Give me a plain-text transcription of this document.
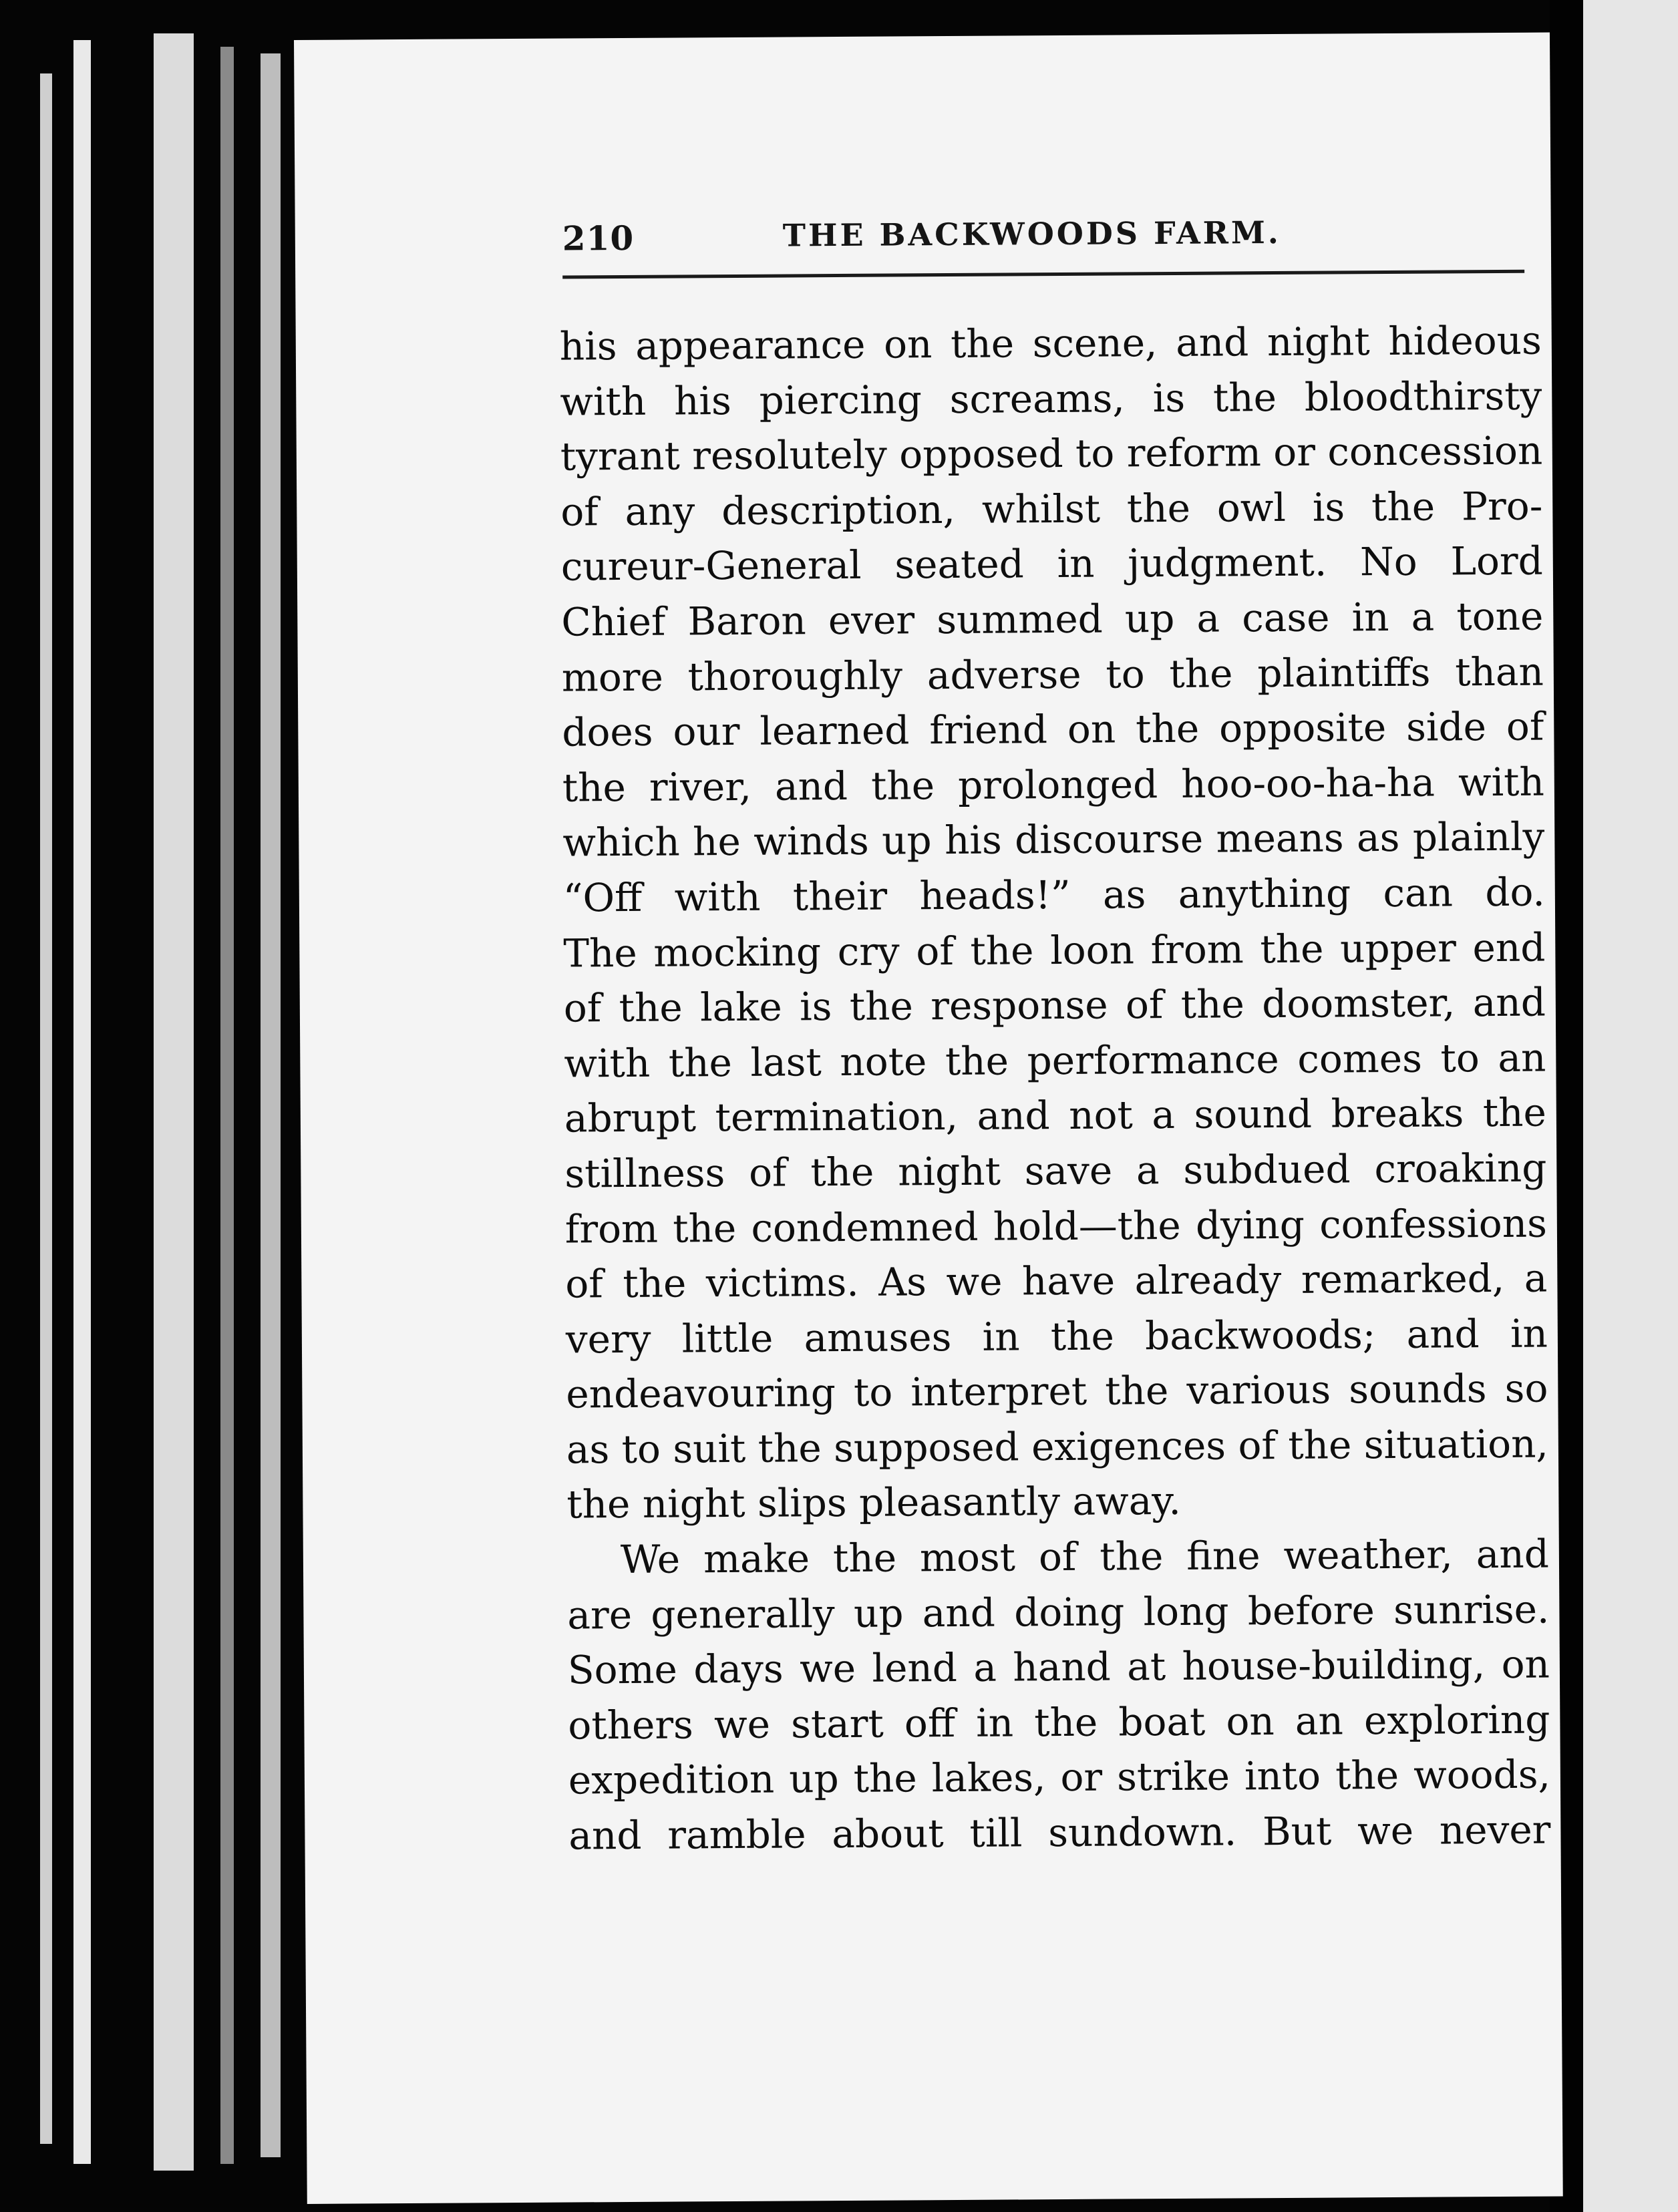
210	THE BACKWOODS FARM.
his appearance on the scene, and night hideous
with his piercing screams, is the bloodthirsty
tyrant resolutely opposed to reform or concession
of any description, whilst the owl is the Pro-
cureur-General seated in judgment. No Lord
Chief Baron ever summed up a case in a tone
more thoroughly adverse to the plaintiffs than
does our learned friend on the opposite side of
the river, and the prolonged hoo-oo-ha-ha with
which he winds up his discourse means as plainly
“Off with their heads!” as anything can do.
The mocking cry of the loon from the upper end
of the lake is the response of the doomster, and
with the last note the performance comes to an
abrupt termination, and not a sound breaks the
stillness of the night save a subdued croaking
from the condemned hold—the dying confessions
of the victims. As we have already remarked, a
very little amuses in the backwoods; and in
endeavouring to interpret the various sounds so
as to suit the supposed exigences of the situation,
the night slips pleasantly away.
We make the most of the fine weather, and
are generally up and doing long before sunrise.
Some days we lend a hand at house-building, on
others we start off in the boat on an exploring
expedition up the lakes, or strike into the woods,
and ramble about till sundown. But we never
